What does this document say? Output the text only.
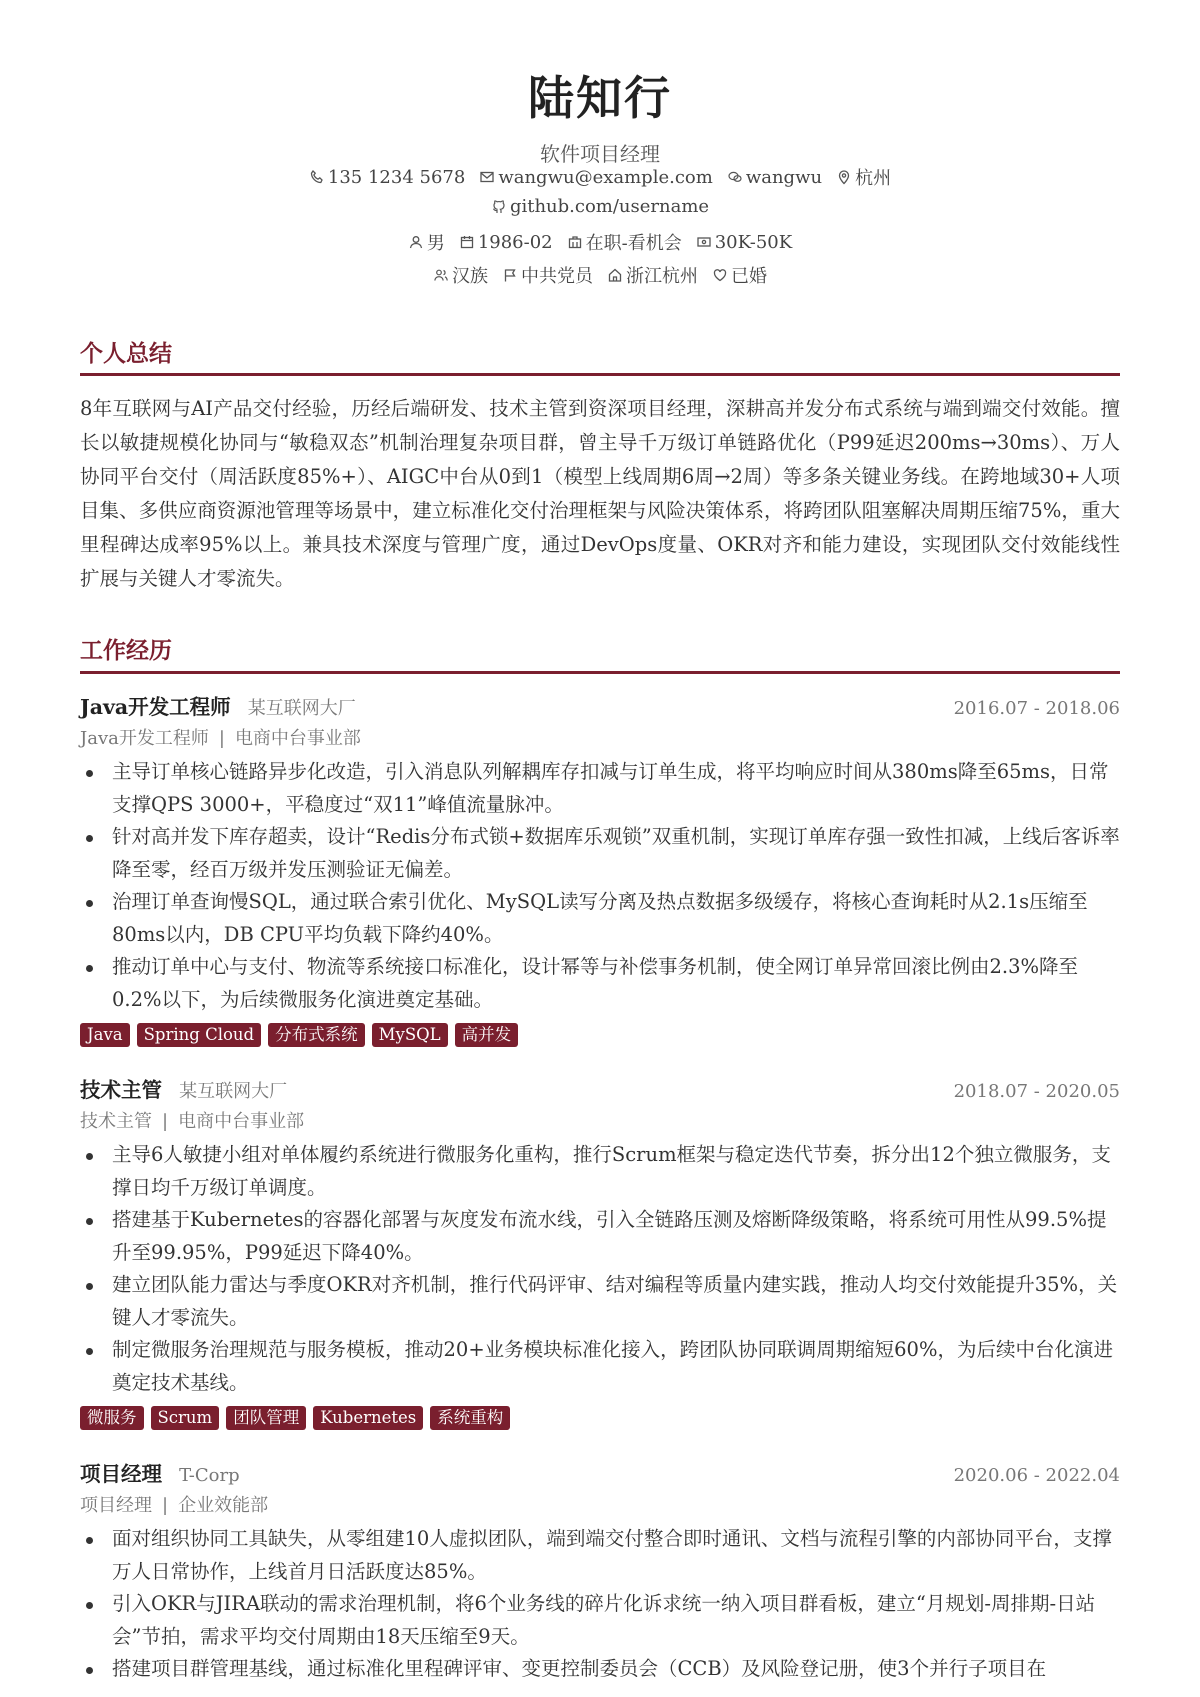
陆知行
软件项目经理
135 1234 5678 wangwu@example.com wangwu 杭州
github.com/username
男 1986-02 在职-看机会 30K-50K
汉族 中共党员 浙江杭州 已婚
个人总结

8年互联网与AI产品交付经验，历经后端研发、技术主管到资深项目经理，深耕高并发分布式系统与端到端交付效能。擅长以敏捷规模化协同与“敏稳双态”机制治理复杂项目群，曾主导千万级订单链路优化（P99延迟200ms→30ms）、万人协同平台交付（周活跃度85%+）、AIGC中台从0到1（模型上线周期6周→2周）等多条关键业务线。在跨地域30+人项目集、多供应商资源池管理等场景中，建立标准化交付治理框架与风险决策体系，将跨团队阻塞解决周期压缩75%，重大里程碑达成率95%以上。兼具技术深度与管理广度，通过DevOps度量、OKR对齐和能力建设，实现团队交付效能线性扩展与关键人才零流失。

工作经历
Java开发工程师 某互联网大厂	2016.07 - 2018.06
Java开发工程师 | 电商中台事业部
主导订单核心链路异步化改造，引入消息队列解耦库存扣减与订单生成，将平均响应时间从380ms降至65ms，日常支撑QPS 3000+，平稳度过“双11”峰值流量脉冲。
针对高并发下库存超卖，设计“Redis分布式锁+数据库乐观锁”双重机制，实现订单库存强一致性扣减，上线后客诉率降至零，经百万级并发压测验证无偏差。
治理订单查询慢SQL，通过联合索引优化、MySQL读写分离及热点数据多级缓存，将核心查询耗时从2.1s压缩至80ms以内，DB CPU平均负载下降约40%。
推动订单中心与支付、物流等系统接口标准化，设计幂等与补偿事务机制，使全网订单异常回滚比例由2.3%降至0.2%以下，为后续微服务化演进奠定基础。
Java	Spring Cloud	分布式系统	MySQL	高并发
技术主管 某互联网大厂	2018.07 - 2020.05
技术主管 | 电商中台事业部
主导6人敏捷小组对单体履约系统进行微服务化重构，推行Scrum框架与稳定迭代节奏，拆分出12个独立微服务，支撑日均千万级订单调度。
搭建基于Kubernetes的容器化部署与灰度发布流水线，引入全链路压测及熔断降级策略，将系统可用性从99.5%提升至99.95%，P99延迟下降40%。
建立团队能力雷达与季度OKR对齐机制，推行代码评审、结对编程等质量内建实践，推动人均交付效能提升35%，关键人才零流失。
制定微服务治理规范与服务模板，推动20+业务模块标准化接入，跨团队协同联调周期缩短60%，为后续中台化演进奠定技术基线。
微服务	Scrum	团队管理	Kubernetes	系统重构
项目经理 T-Corp	2020.06 - 2022.04
项目经理 | 企业效能部
面对组织协同工具缺失，从零组建10人虚拟团队，端到端交付整合即时通讯、文档与流程引擎的内部协同平台，支撑万人日常协作，上线首月日活跃度达85%。
引入OKR与JIRA联动的需求治理机制，将6个业务线的碎片化诉求统一纳入项目群看板，建立“月规划-周排期-日站会”节拍，需求平均交付周期由18天压缩至9天。
搭建项目群管理基线，通过标准化里程碑评审、变更控制委员会（CCB）及风险登记册，使3个并行子项目在
